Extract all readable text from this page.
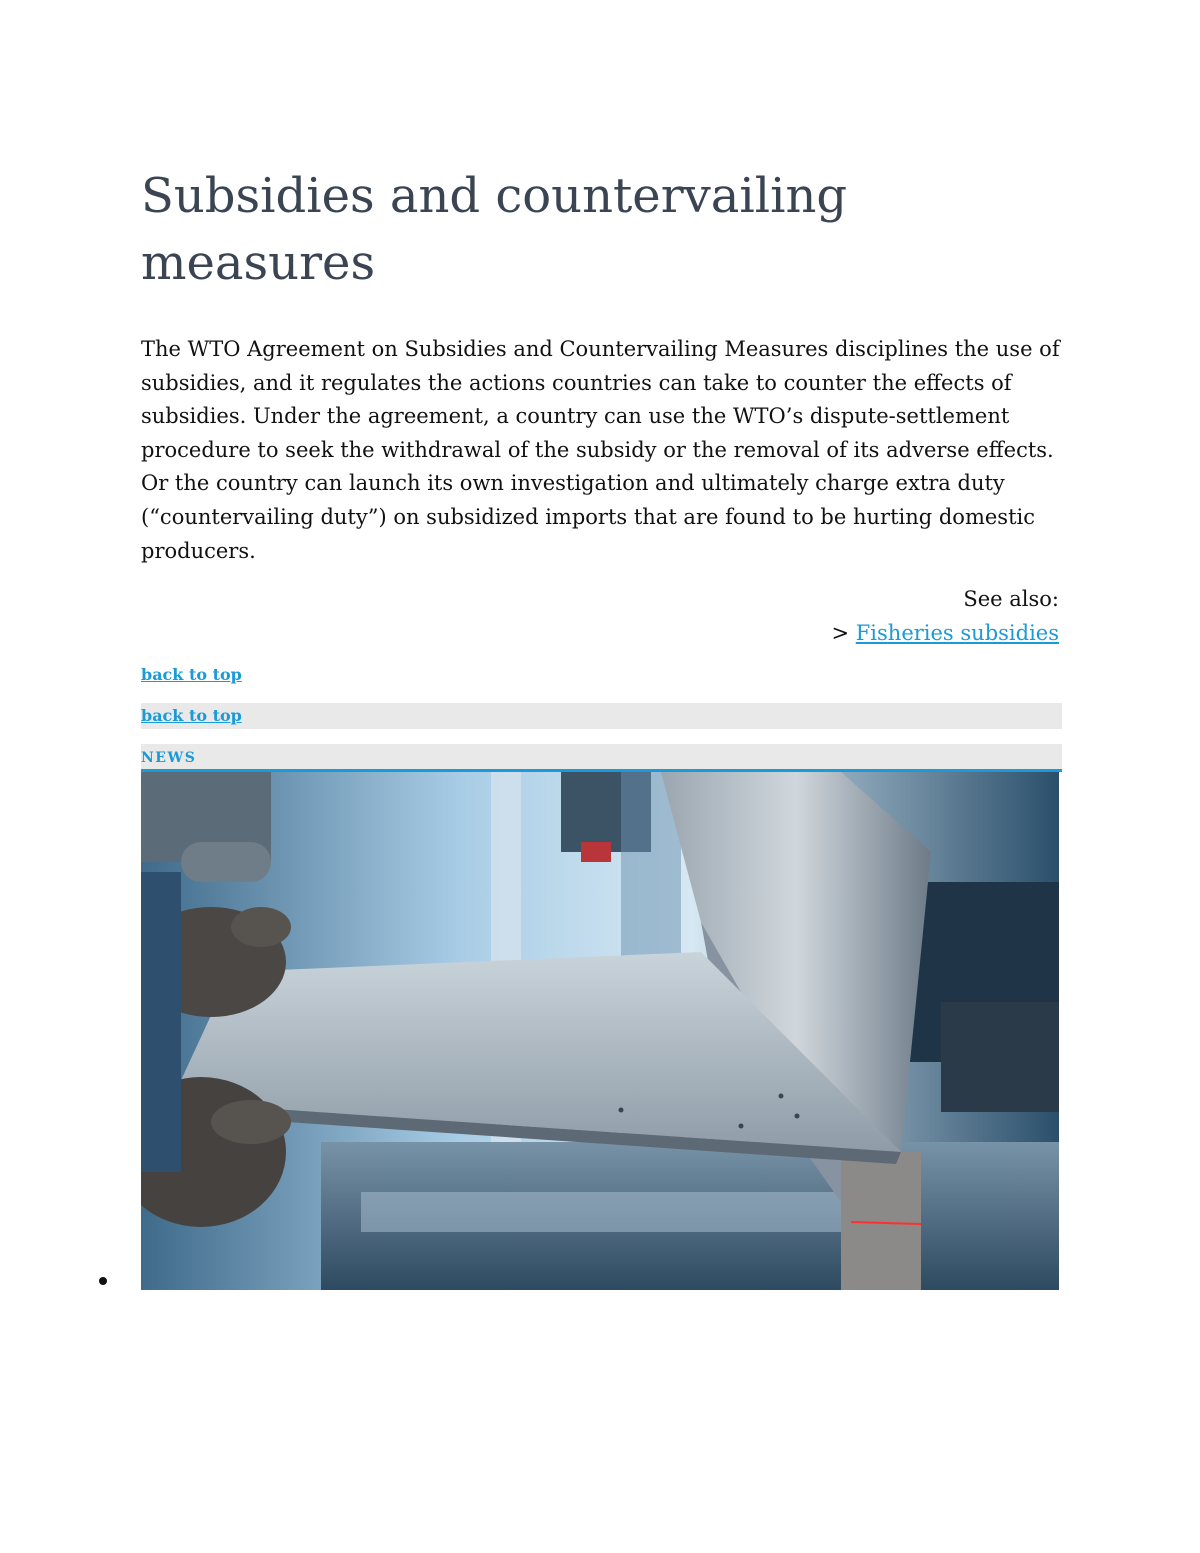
Subsidies and countervailing measures

The WTO Agreement on Subsidies and Countervailing Measures disciplines the use of subsidies, and it regulates the actions countries can take to counter the effects of subsidies. Under the agreement, a country can use the WTO’s dispute-settlement procedure to seek the withdrawal of the subsidy or the removal of its adverse effects. Or the country can launch its own investigation and ultimately charge extra duty (“countervailing duty”) on subsidized imports that are found to be hurting domestic producers.

See also:
> Fisheries subsidies
back to top
back to top
NEWS
